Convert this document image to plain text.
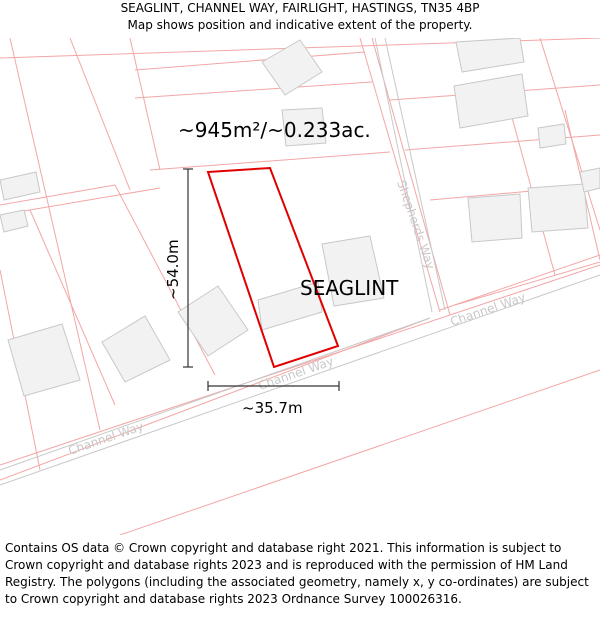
SEAGLINT, CHANNEL WAY, FAIRLIGHT, HASTINGS, TN35 4BP
Map shows position and indicative extent of the property.
Channel Way
Channel Way
Channel Way
Shepherds Way
~945m²/~0.233ac.
SEAGLINT
~54.0m
~35.7m
Contains OS data © Crown copyright and database right 2021. This information is subject to Crown copyright and database rights 2023 and is reproduced with the permission of HM Land Registry. The polygons (including the associated geometry, namely x, y co-ordinates) are subject to Crown copyright and database rights 2023 Ordnance Survey 100026316.
